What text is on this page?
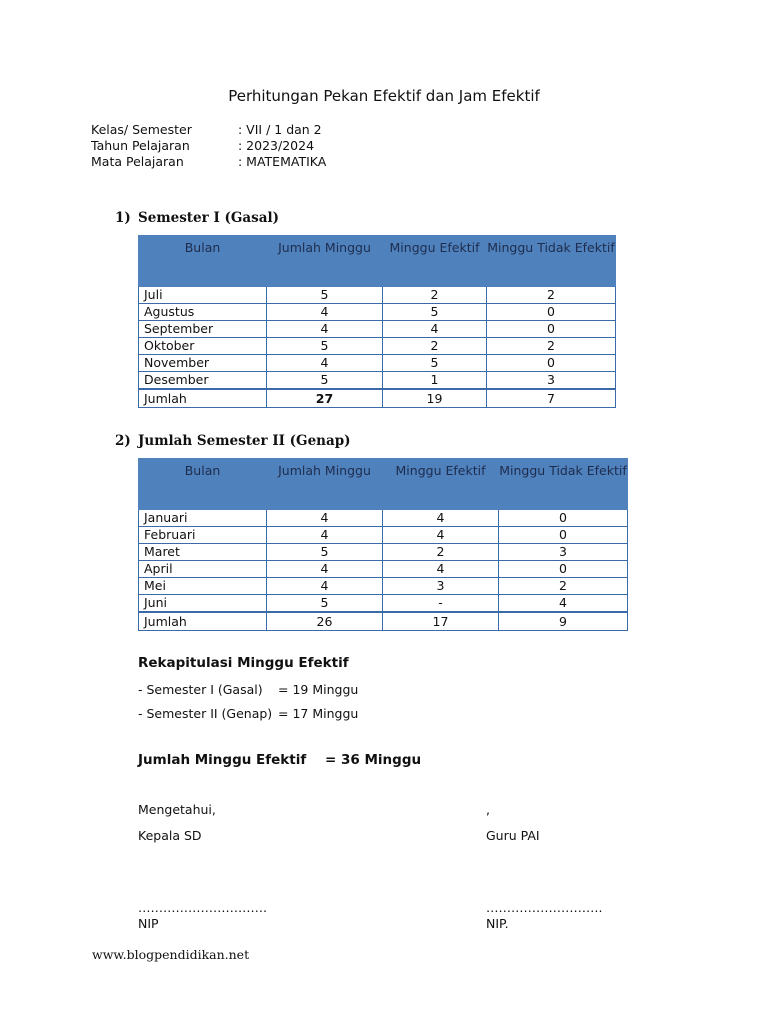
Perhitungan Pekan Efektif dan Jam Efektif
Kelas/ Semester	: VII / 1 dan 2
Tahun Pelajaran	: 2023/2024
Mata Pelajaran	: MATEMATIKA
1) Semester I (Gasal)
Bulan	Jumlah Minggu	Minggu Efektif	Minggu Tidak Efektif
Juli	5	2	2
Agustus	4	5	0
September	4	4	0
Oktober	5	2	2
November	4	5	0
Desember	5	1	3
Jumlah	27	19	7
2) Jumlah Semester II (Genap)
Bulan	Jumlah Minggu	Minggu Efektif	Minggu Tidak Efektif
Januari	4	4	0
Februari	4	4	0
Maret	5	2	3
April	4	4	0
Mei	4	3	2
Juni	5	-	4
Jumlah	26	17	9
Rekapitulasi Minggu Efektif
- Semester I (Gasal) = 19 Minggu
- Semester II (Genap) = 17 Minggu
Jumlah Minggu Efektif = 36 Minggu
Mengetahui,
Kepala SD
………………………….
NIP
,
Guru PAI
……………………….
NIP.
www.blogpendidikan.net
